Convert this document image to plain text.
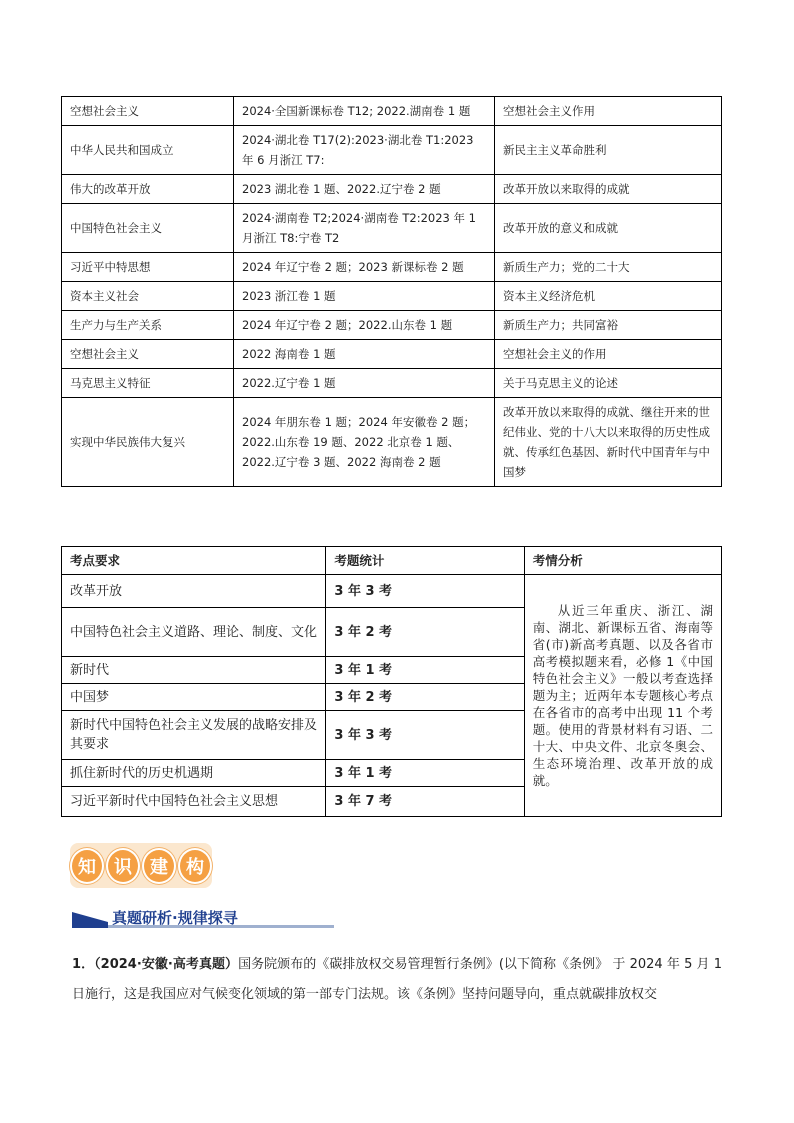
空想社会主义	2024·全国新课标卷 T12; 2022.湖南卷 1 题	空想社会主义作用
中华人民共和国成立	2024·湖北卷 T17(2):2023·湖北卷 T1:2023 年 6 月浙江 T7:	新民主主义革命胜利
伟大的改革开放	2023 湖北卷 1 题、2022.辽宁卷 2 题	改革开放以来取得的成就
中国特色社会主义	2024·湖南卷 T2;2024·湖南卷 T2:2023 年 1 月浙江 T8:宁卷 T2	改革开放的意义和成就
习近平中特思想	2024 年辽宁卷 2 题；2023 新课标卷 2 题	新质生产力；党的二十大
资本主义社会	2023 浙江卷 1 题	资本主义经济危机
生产力与生产关系	2024 年辽宁卷 2 题；2022.山东卷 1 题	新质生产力；共同富裕
空想社会主义	2022 海南卷 1 题	空想社会主义的作用
马克思主义特征	2022.辽宁卷 1 题	关于马克思主义的论述
实现中华民族伟大复兴	2024 年朋东卷 1 题；2024 年安徽卷 2 题；2022.山东卷 19 题、2022 北京卷 1 题、2022.辽宁卷 3 题、2022 海南卷 2 题	改革开放以来取得的成就、继往开来的世纪伟业、党的十八大以来取得的历史性成就、传承红色基因、新时代中国青年与中国梦
考点要求	考题统计	考情分析
改革开放	3 年 3 考	从近三年重庆、浙江、湖南、湖北、新课标五省、海南等省(市)新高考真题、以及各省市高考模拟题来看，必修 1《中国特色社会主义》一般以考查选择题为主；近两年本专题核心考点在各省市的高考中出现 11 个考题。使用的背景材料有习语、二十大、中央文件、北京冬奥会、生态环境治理、改革开放的成就。
中国特色社会主义道路、理论、制度、文化	3 年 2 考	
新时代	3 年 1 考	
中国梦	3 年 2 考	
新时代中国特色社会主义发展的战略安排及其要求	3 年 3 考	
抓住新时代的历史机遇期	3 年 1 考	
习近平新时代中国特色社会主义思想	3 年 7 考	
知	识	建	构
真题研析·规律探寻
1．（2024·安徽·高考真题）国务院颁布的《碳排放权交易管理暂行条例》(以下简称《条例》 于 2024 年 5 月 1 日施行，这是我国应对气候变化领域的第一部专门法规。该《条例》坚持问题导向，重点就碳排放权交
